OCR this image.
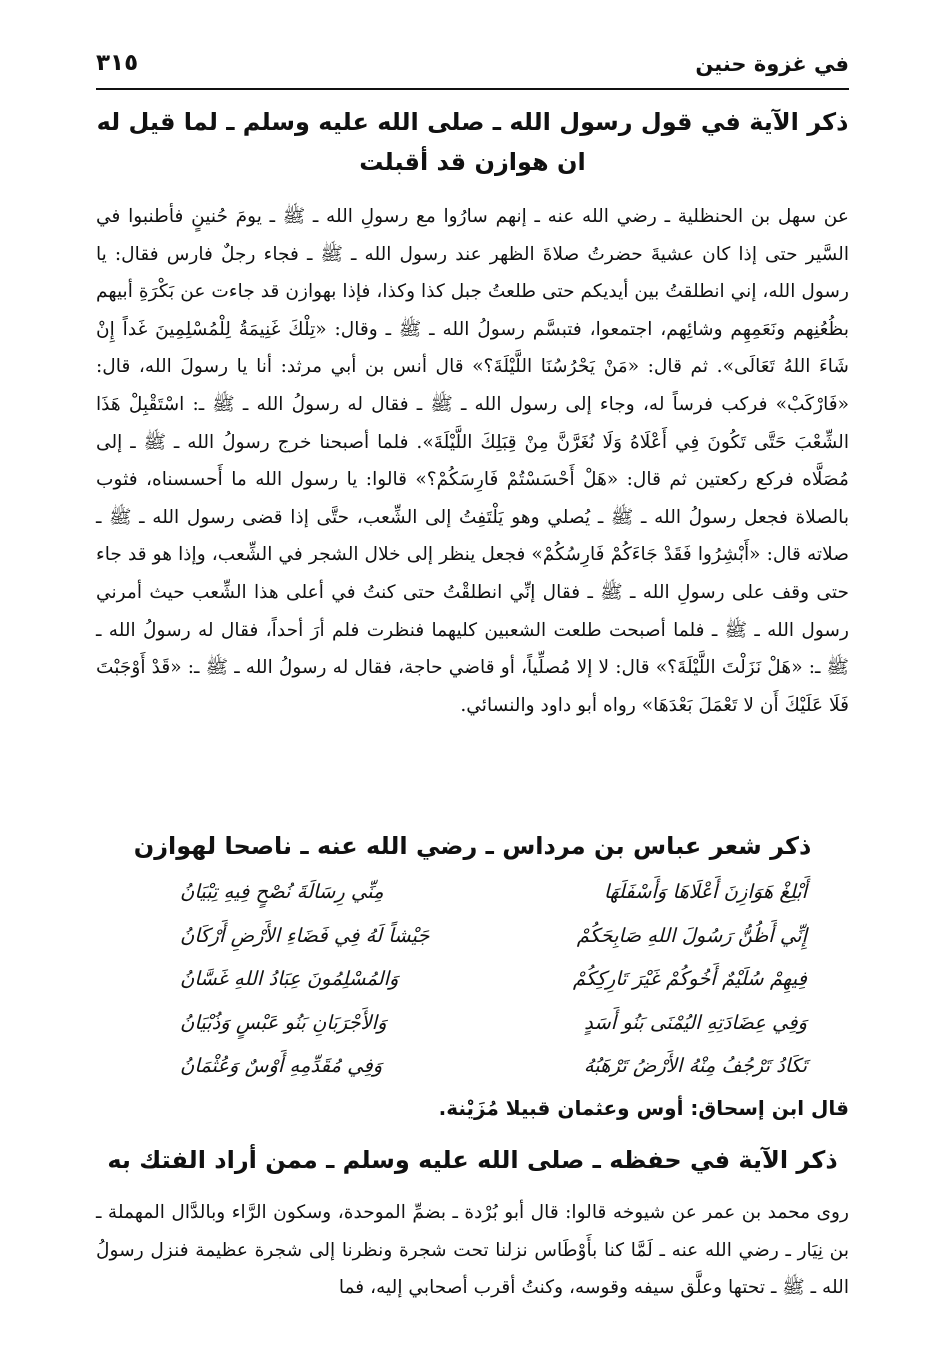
في غزوة حنين
٣١٥
ذكر الآية في قول رسول الله ـ صلى الله عليه وسلم ـ لما قيل له ان هوازن قد أقبلت

عن سهل بن الحنظلية ـ رضي الله عنه ـ إنهم سارُوا مع رسولِ الله ـ ﷺ ـ يومَ حُنينٍ فأطنبوا في السَّير حتى إذا كان عشيةَ حضرتُ صلاةَ الظهر عند رسول الله ـ ﷺ ـ فجاء رجلٌ فارس فقال: يا رسول الله، إني انطلقتُ بين أيديكم حتى طلعتُ جبل كذا وكذا، فإذا بهوازن قد جاءت عن بَكْرَةِ أبيهم بظُعُنِهم ونَعَمِهِم وشائِهم، اجتمعوا، فتبسَّم رسولُ الله ـ ﷺ ـ وقال: «تِلْكَ غَنِيمَةُ لِلْمُسْلِمِينَ غَداً إِنْ شَاءَ اللهُ تَعَالَى». ثم قال: «مَنْ يَحْرُسُنَا اللَّيْلَةَ؟» قال أنس بن أبي مرثد: أنا يا رسولَ الله، قال: «فَارْكَبْ» فركب فرساً له، وجاء إلى رسول الله ـ ﷺ ـ فقال له رسولُ الله ـ ﷺ ـ: اسْتَقْبِلْ هَذَا الشِّعْبَ حَتَّى تَكُونَ فِي أَعْلَاهُ وَلَا نُغَرَّنَّ مِنْ قِبَلِكَ اللَّيْلَةَ». فلما أصبحنا خرج رسولُ الله ـ ﷺ ـ إلى مُصَلَّاه فركع ركعتين ثم قال: «هَلْ أَحْسَسْتُمْ فَارِسَكُمْ؟» قالوا: يا رسول الله ما أَحسسناه، فثوب بالصلاة فجعل رسولُ الله ـ ﷺ ـ يُصلي وهو يَلْتَفِتُ إلى الشِّعب، حتَّى إذا قضى رسول الله ـ ﷺ ـ صلاته قال: «أَبْشِرُوا فَقَدْ جَاءَكُمْ فَارِسُكُمْ» فجعل ينظر إلى خلال الشجر في الشِّعب، وإذا هو قد جاء حتى وقف على رسولِ الله ـ ﷺ ـ فقال إنِّي انطلقْتُ حتى كنتُ في أعلى هذا الشِّعب حيث أمرني رسول الله ـ ﷺ ـ فلما أصبحت طلعت الشعبين كليهما فنظرت فلم أرَ أحداً، فقال له رسولُ الله ـ ﷺ ـ: «هَلْ نَزَلْتَ اللَّيْلَةَ؟» قال: لا إلا مُصلِّياً، أو قاضي حاجة، فقال له رسولُ الله ـ ﷺ ـ: «قَدْ أَوْجَبْتَ فَلَا عَلَيْكَ أَن لا تَعْمَلَ بَعْدَهَا» رواه أبو داود والنسائي.

ذكر شعر عباس بن مرداس ـ رضي الله عنه ـ ناصحا لهوازن
أَبْلِغْ هَوَازِنَ أَعْلَاهَا وَأَسْفَلَهَا
مِنِّي رِسَالَةَ نُصْحٍ فِيهِ تِبْيَانُ
إِنِّي أَظُنُّ رَسُولَ اللهِ صَابِحَكُمْ
جَيْشاً لَهُ فِي فَضَاءِ الأَرْضِ أَرْكَانُ
فِيهِمْ سُلَيْمٌ أَخُوكُمْ غَيْرَ تَارِكِكُمْ
وَالمُسْلِمُونَ عِبَادُ اللهِ غَسَّانُ
وَفِي عِضَادَتِهِ اليُمْنَى بَنُو أَسَدٍ
وَالأَجْرَبَانِ بَنُو عَبْسٍ وَذُبْيَانُ
تَكَادُ تَرْجُفُ مِنْهُ الأَرْضُ تَرْهَبُهُ
وَفِي مُقَدِّمِهِ أَوْسٌ وَعُثْمَانُ
قال ابن إسحاق: أوس وعثمان قبيلا مُزَيْنة.
ذكر الآية في حفظه ـ صلى الله عليه وسلم ـ ممن أراد الفتك به

روى محمد بن عمر عن شيوخه قالوا: قال أبو بُرْدة ـ بضمِّ الموحدة، وسكون الرَّاء وبالدَّال المهملة ـ بن نِيَار ـ رضي الله عنه ـ لَمَّا كنا بأَوْطَاس نزلنا تحت شجرة ونظرنا إلى شجرة عظيمة فنزل رسولُ الله ـ ﷺ ـ تحتها وعلَّق سيفه وقوسه، وكنتُ أقرب أصحابي إليه، فما
